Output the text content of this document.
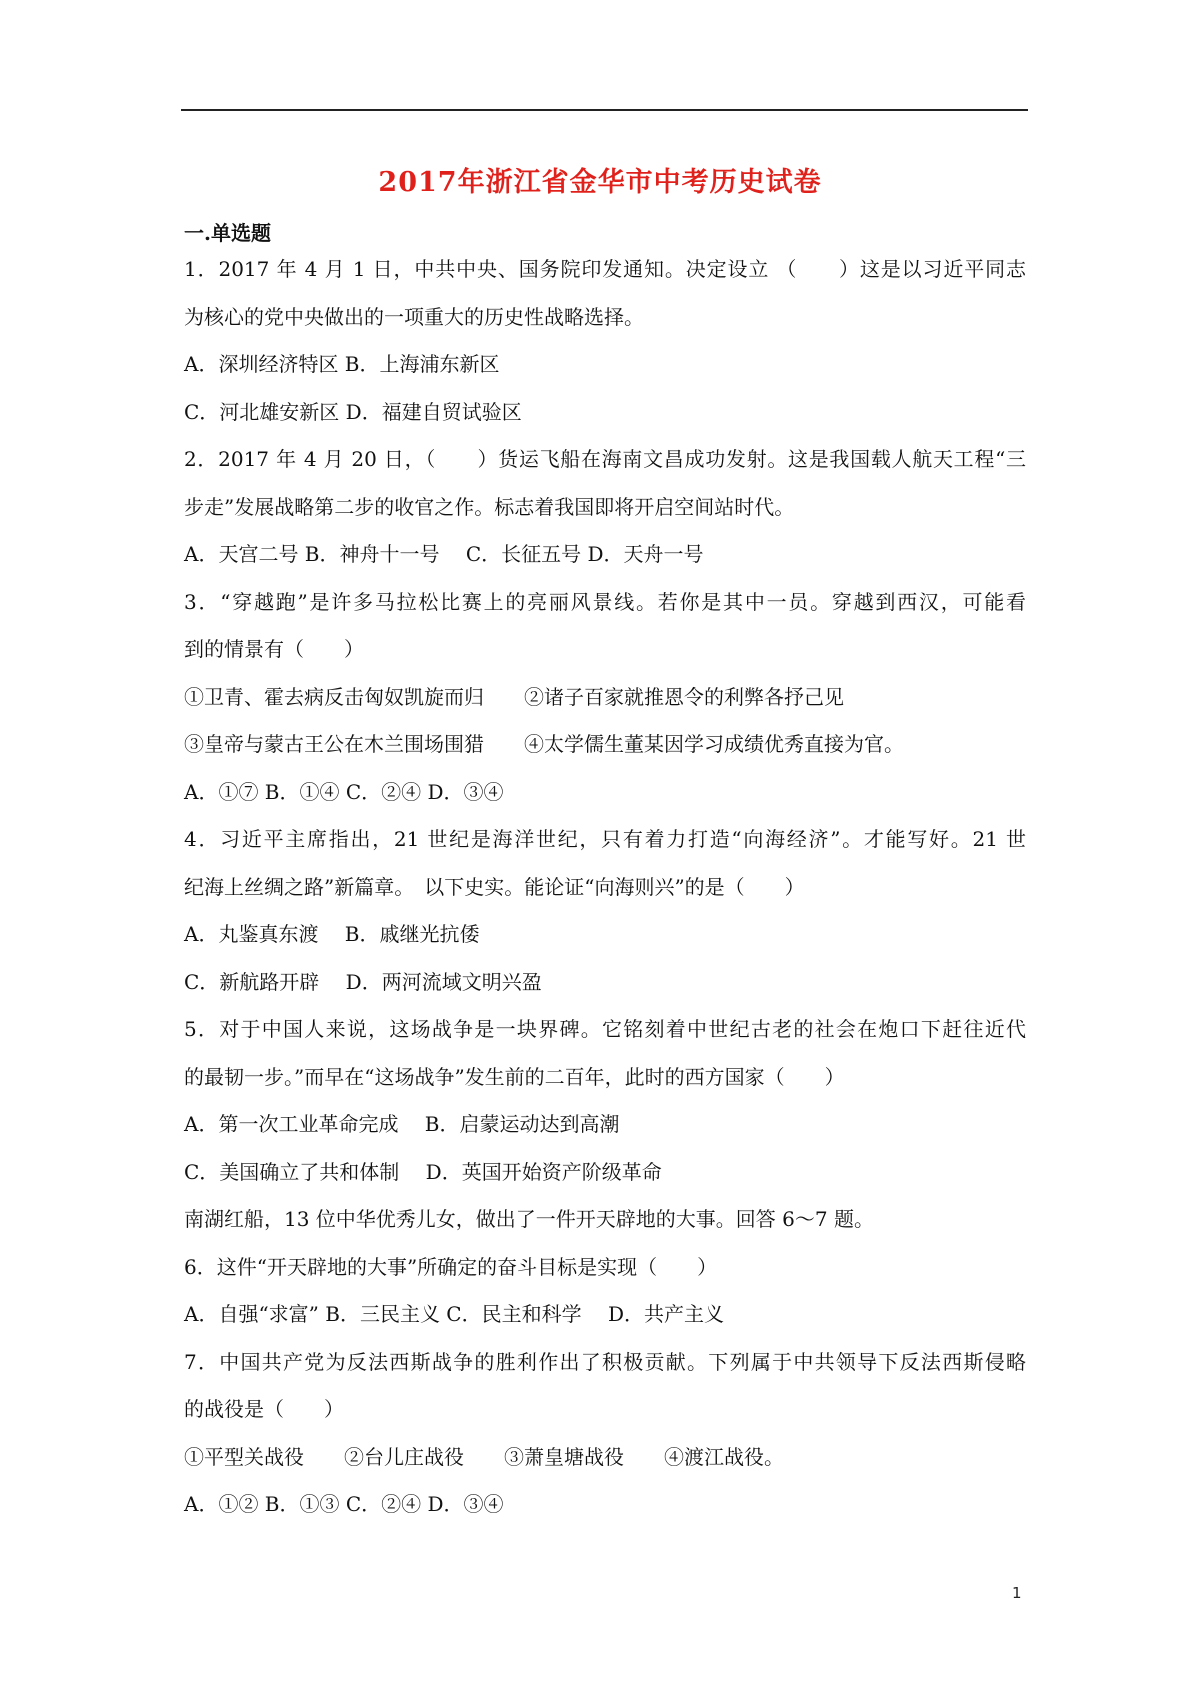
2017年浙江省金华市中考历史试卷
一.单选题
1．2017 年 4 月 1 日，中共中央、国务院印发通知。决定设立 （　　）这是以习近平同志
为核心的党中央做出的一项重大的历史性战略选择。
A．深圳经济特区 B．上海浦东新区
C．河北雄安新区 D．福建自贸试验区
2．2017 年 4 月 20 日，（　　）货运飞船在海南文昌成功发射。这是我国载人航天工程“三
步走”发展战略第二步的收官之作。标志着我国即将开启空间站时代。
A．天宫二号 B．神舟十一号　 C．长征五号 D．天舟一号
3．“穿越跑”是许多马拉松比赛上的亮丽风景线。若你是其中一员。穿越到西汉，可能看
到的情景有（　　）
①卫青、霍去病反击匈奴凯旋而归　　②诸子百家就推恩令的利弊各抒己见
③皇帝与蒙古王公在木兰围场围猎　　④太学儒生董某因学习成绩优秀直接为官。
A．①⑦ B．①④ C．②④ D．③④
4．习近平主席指出，21 世纪是海洋世纪，只有着力打造“向海经济”。才能写好。21 世
纪海上丝绸之路”新篇章。　以下史实。能论证“向海则兴”的是（　　）
A．丸鉴真东渡　 B．戚继光抗倭
C．新航路开辟　 D．两河流域文明兴盈
5．对于中国人来说，这场战争是一块界碑。它铭刻着中世纪古老的社会在炮口下赶往近代
的最韧一步。”而早在“这场战争”发生前的二百年，此时的西方国家（　　）
A．第一次工业革命完成　 B．启蒙运动达到高潮
C．美国确立了共和体制　 D．英国开始资产阶级革命
南湖红船，13 位中华优秀儿女，做出了一件开天辟地的大事。回答 6～7 题。
6．这件“开天辟地的大事”所确定的奋斗目标是实现（　　）
A．自强“求富” B．三民主义 C．民主和科学　 D．共产主义
7．中国共产党为反法西斯战争的胜利作出了积极贡献。下列属于中共领导下反法西斯侵略
的战役是（　　）
①平型关战役　　②台儿庄战役　　③萧皇塘战役　　④渡江战役。
A．①② B．①③ C．②④ D．③④
1
